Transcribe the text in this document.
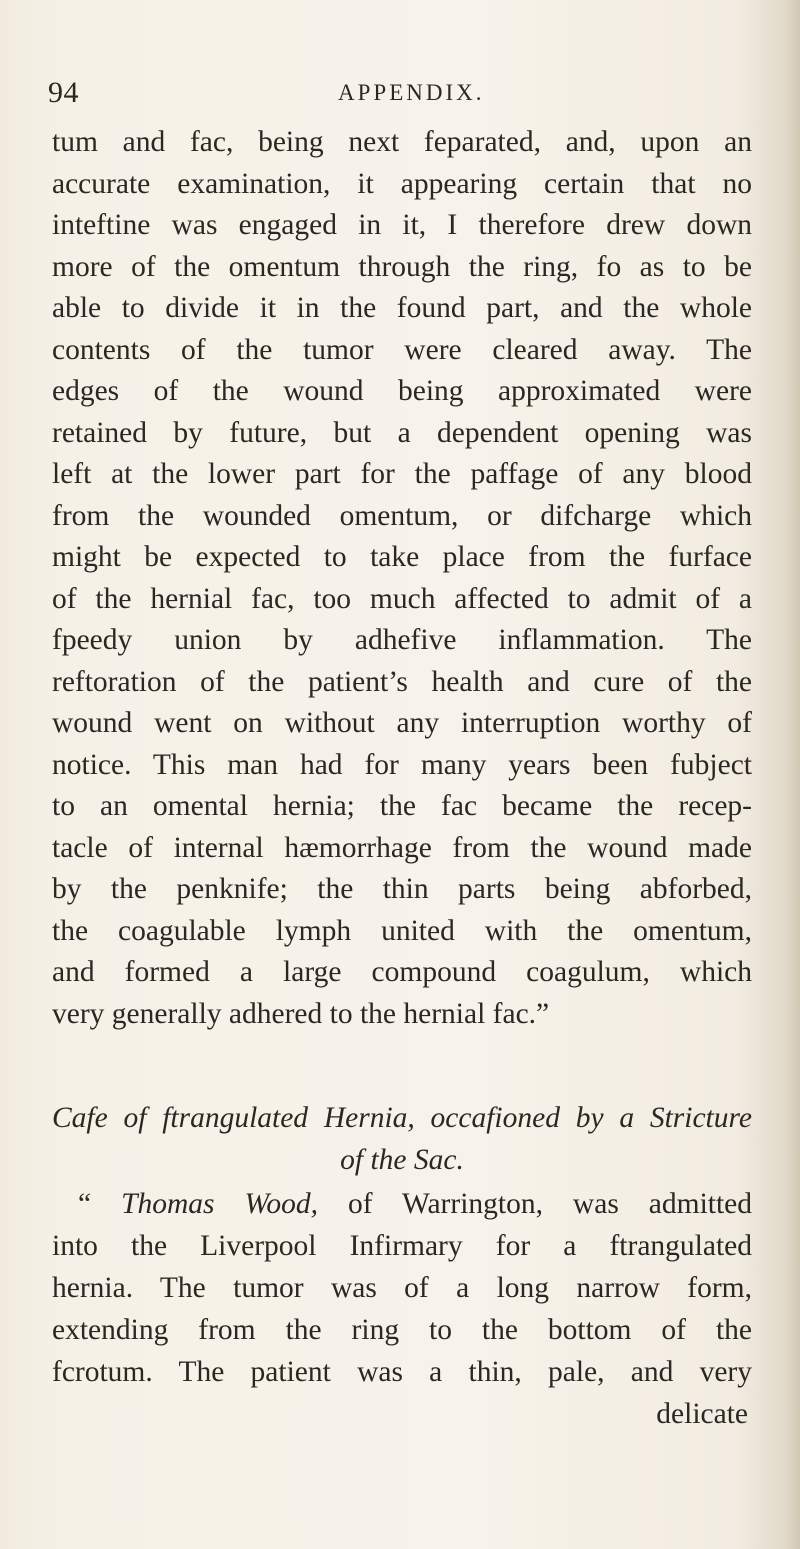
94	APPENDIX.
tum and fac, being next feparated, and, upon an
accurate examination, it appearing certain that no
inteftine was engaged in it, I therefore drew down
more of the omentum through the ring, fo as to be
able to divide it in the found part, and the whole
contents of the tumor were cleared away. The
edges of the wound being approximated were
retained by future, but a dependent opening was
left at the lower part for the paffage of any blood
from the wounded omentum, or difcharge which
might be expected to take place from the furface
of the hernial fac, too much affected to admit of a
fpeedy union by adhefive inflammation. The
reftoration of the patient’s health and cure of the
wound went on without any interruption worthy of
notice. This man had for many years been fubject
to an omental hernia; the fac became the recep-
tacle of internal hæmorrhage from the wound made
by the penknife; the thin parts being abforbed,
the coagulable lymph united with the omentum,
and formed a large compound coagulum, which
very generally adhered to the hernial fac.”
Cafe of ftrangulated Hernia, occafioned by a Stricture
of the Sac.
“ Thomas Wood, of Warrington, was admitted
into the Liverpool Infirmary for a ftrangulated
hernia. The tumor was of a long narrow form,
extending from the ring to the bottom of the
fcrotum. The patient was a thin, pale, and very
delicate
